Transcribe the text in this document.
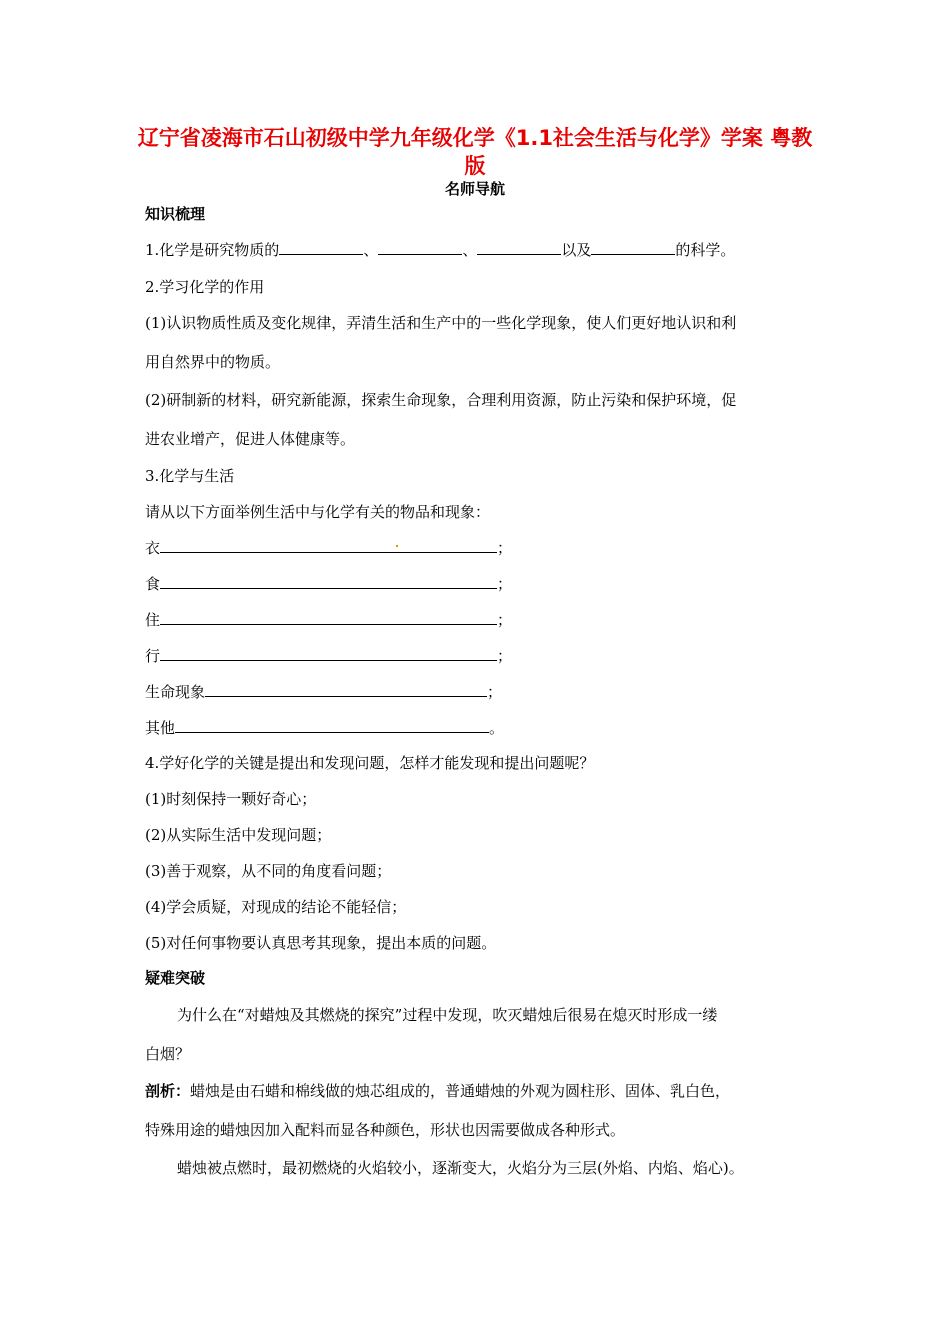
辽宁省凌海市石山初级中学九年级化学《1.1社会生活与化学》学案 粤教版
名师导航
知识梳理
1.化学是研究物质的	、	、	以及	的科学。
2.学习化学的作用
(1)认识物质性质及变化规律，弄清生活和生产中的一些化学现象，使人们更好地认识和利
用自然界中的物质。
(2)研制新的材料，研究新能源，探索生命现象，合理利用资源，防止污染和保护环境，促
进农业增产，促进人体健康等。
3.化学与生活
请从以下方面举例生活中与化学有关的物品和现象：
衣	；
食	；
住	；
行	；
生命现象	；
其他	。
4.学好化学的关键是提出和发现问题，怎样才能发现和提出问题呢？
(1)时刻保持一颗好奇心；
(2)从实际生活中发现问题；
(3)善于观察，从不同的角度看问题；
(4)学会质疑，对现成的结论不能轻信；
(5)对任何事物要认真思考其现象，提出本质的问题。
疑难突破
为什么在“对蜡烛及其燃烧的探究”过程中发现，吹灭蜡烛后很易在熄灭时形成一缕
白烟？
剖析：蜡烛是由石蜡和棉线做的烛芯组成的，普通蜡烛的外观为圆柱形、固体、乳白色，
特殊用途的蜡烛因加入配料而显各种颜色，形状也因需要做成各种形式。
蜡烛被点燃时，最初燃烧的火焰较小，逐渐变大，火焰分为三层(外焰、内焰、焰心)。
